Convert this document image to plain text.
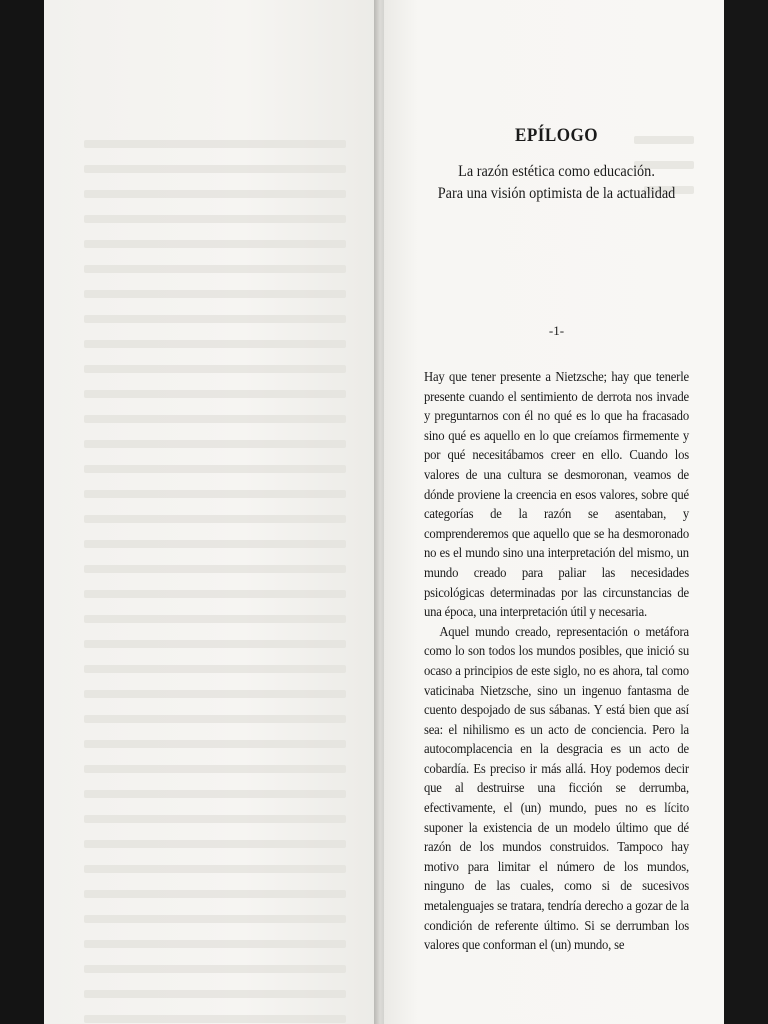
EPÍLOGO

La razón estética como educación.

Para una visión optimista de la actualidad

-1-

Hay que tener presente a Nietzsche; hay que tenerle presente cuando el sentimiento de derrota nos invade y preguntarnos con él no qué es lo que ha fracasado sino qué es aquello en lo que creíamos firmemente y por qué necesitábamos creer en ello. Cuando los valores de una cultura se desmoronan, veamos de dónde proviene la creencia en esos valores, sobre qué categorías de la razón se asentaban, y comprenderemos que aquello que se ha desmoronado no es el mundo sino una interpretación del mismo, un mundo creado para paliar las necesidades psicológicas determinadas por las circunstancias de una época, una interpretación útil y necesaria.

Aquel mundo creado, representación o metáfora como lo son todos los mundos posibles, que inició su ocaso a principios de este siglo, no es ahora, tal como vaticinaba Nietzsche, sino un ingenuo fantasma de cuento despojado de sus sábanas. Y está bien que así sea: el nihilismo es un acto de conciencia. Pero la autocomplacencia en la desgracia es un acto de cobardía. Es preciso ir más allá. Hoy podemos decir que al destruirse una ficción se derrumba, efectivamente, el (un) mundo, pues no es lícito suponer la existencia de un modelo último que dé razón de los mundos construidos. Tampoco hay motivo para limitar el número de los mundos, ninguno de las cuales, como si de sucesivos metalenguajes se tratara, tendría derecho a gozar de la condición de referente último. Si se derrumban los valores que conforman el (un) mundo, se
